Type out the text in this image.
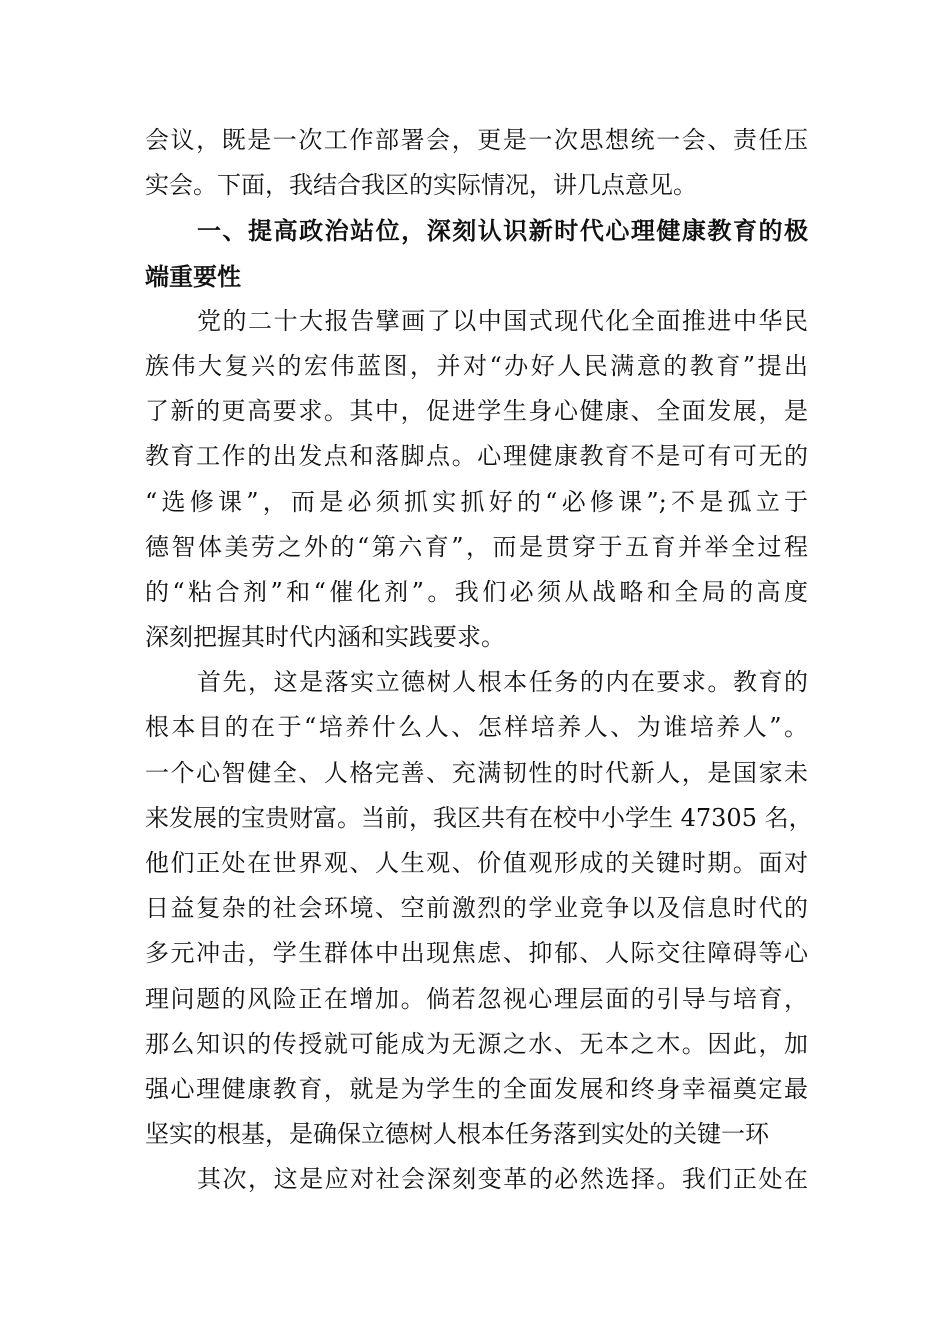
会议，既是一次工作部署会，更是一次思想统一会、责任压
实会。下面，我结合我区的实际情况，讲几点意见。
一、提高政治站位，深刻认识新时代心理健康教育的极
端重要性
党的二十大报告擘画了以中国式现代化全面推进中华民
族伟大复兴的宏伟蓝图，并对“办好人民满意的教育”提出
了新的更高要求。其中，促进学生身心健康、全面发展，是
教育工作的出发点和落脚点。心理健康教育不是可有可无的
“选修课”，而是必须抓实抓好的“必修课”;不是孤立于
德智体美劳之外的“第六育”，而是贯穿于五育并举全过程
的“粘合剂”和“催化剂”。我们必须从战略和全局的高度
深刻把握其时代内涵和实践要求。
首先，这是落实立德树人根本任务的内在要求。教育的
根本目的在于“培养什么人、怎样培养人、为谁培养人”。
一个心智健全、人格完善、充满韧性的时代新人，是国家未
来发展的宝贵财富。当前，我区共有在校中小学生 47305 名，
他们正处在世界观、人生观、价值观形成的关键时期。面对
日益复杂的社会环境、空前激烈的学业竞争以及信息时代的
多元冲击，学生群体中出现焦虑、抑郁、人际交往障碍等心
理问题的风险正在增加。倘若忽视心理层面的引导与培育，
那么知识的传授就可能成为无源之水、无本之木。因此，加
强心理健康教育，就是为学生的全面发展和终身幸福奠定最
坚实的根基，是确保立德树人根本任务落到实处的关键一环
其次，这是应对社会深刻变革的必然选择。我们正处在
